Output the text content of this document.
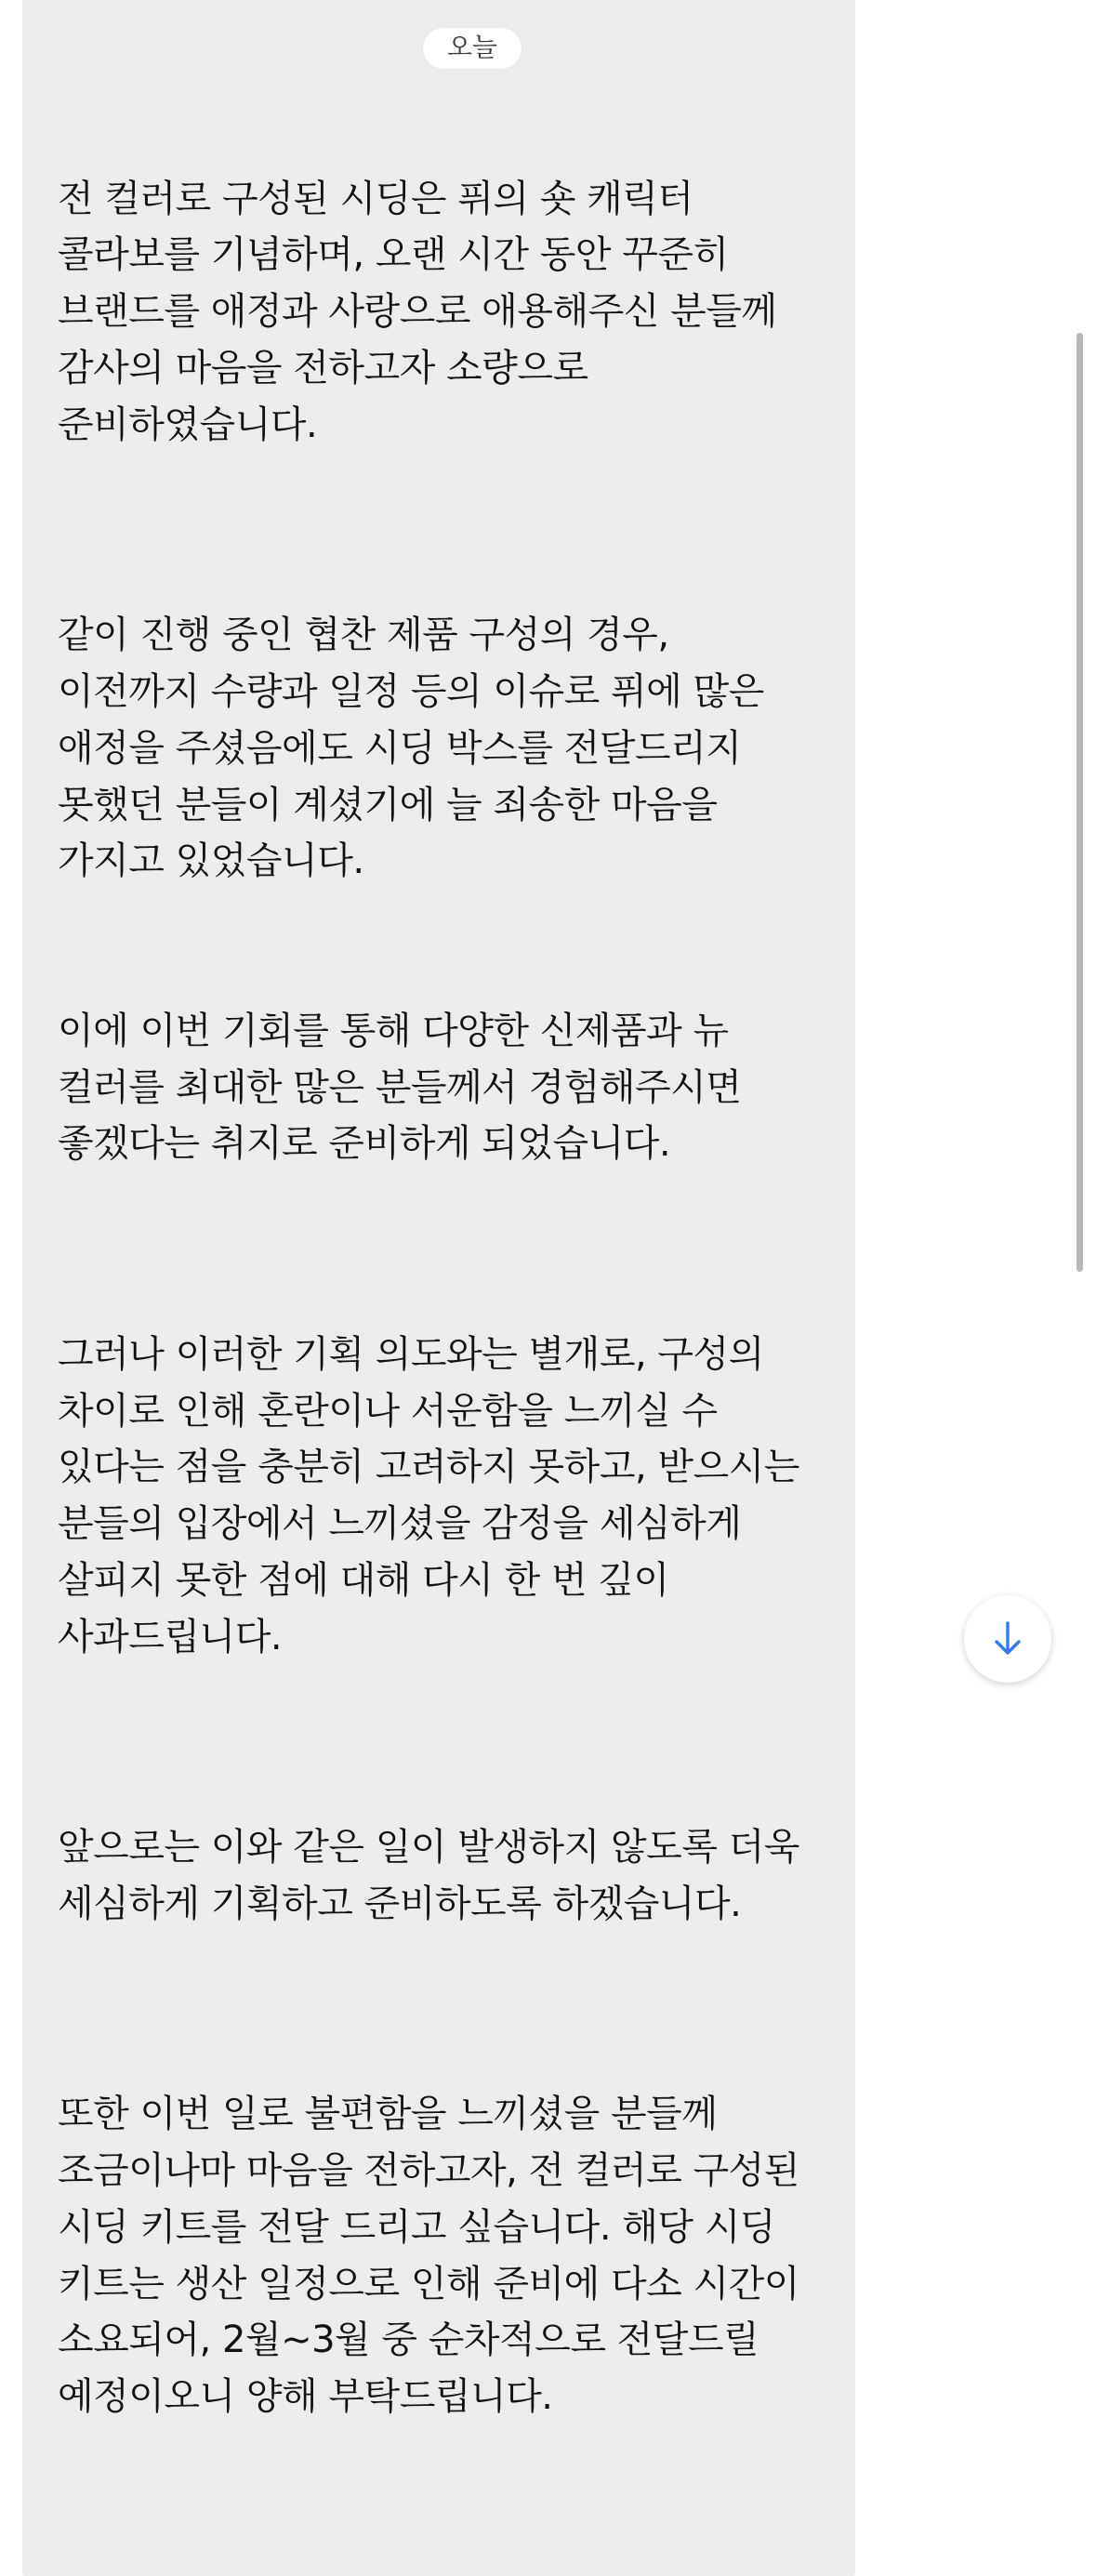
전 컬러로 구성된 시딩은 퓌의 숏 캐릭터 콜라보를 기념하며, 오랜 시간 동안 꾸준히 브랜드를 애정과 사랑으로 애용해주신 분들께 감사의 마음을 전하고자 소량으로 준비하였습니다.

같이 진행 중인 협찬 제품 구성의 경우, 이전까지 수량과 일정 등의 이슈로 퓌에 많은 애정을 주셨음에도 시딩 박스를 전달드리지 못했던 분들이 계셨기에 늘 죄송한 마음을 가지고 있었습니다.

이에 이번 기회를 통해 다양한 신제품과 뉴 컬러를 최대한 많은 분들께서 경험해주시면 좋겠다는 취지로 준비하게 되었습니다.

그러나 이러한 기획 의도와는 별개로, 구성의 차이로 인해 혼란이나 서운함을 느끼실 수 있다는 점을 충분히 고려하지 못하고, 받으시는 분들의 입장에서 느끼셨을 감정을 세심하게 살피지 못한 점에 대해 다시 한 번 깊이 사과드립니다.

앞으로는 이와 같은 일이 발생하지 않도록 더욱 세심하게 기획하고 준비하도록 하겠습니다.

또한 이번 일로 불편함을 느끼셨을 분들께 조금이나마 마음을 전하고자, 전 컬러로 구성된 시딩 키트를 전달 드리고 싶습니다. 해당 시딩 키트는 생산 일정으로 인해 준비에 다소 시간이 소요되어, 2월~3월 중 순차적으로 전달드릴 예정이오니 양해 부탁드립니다.

오늘
